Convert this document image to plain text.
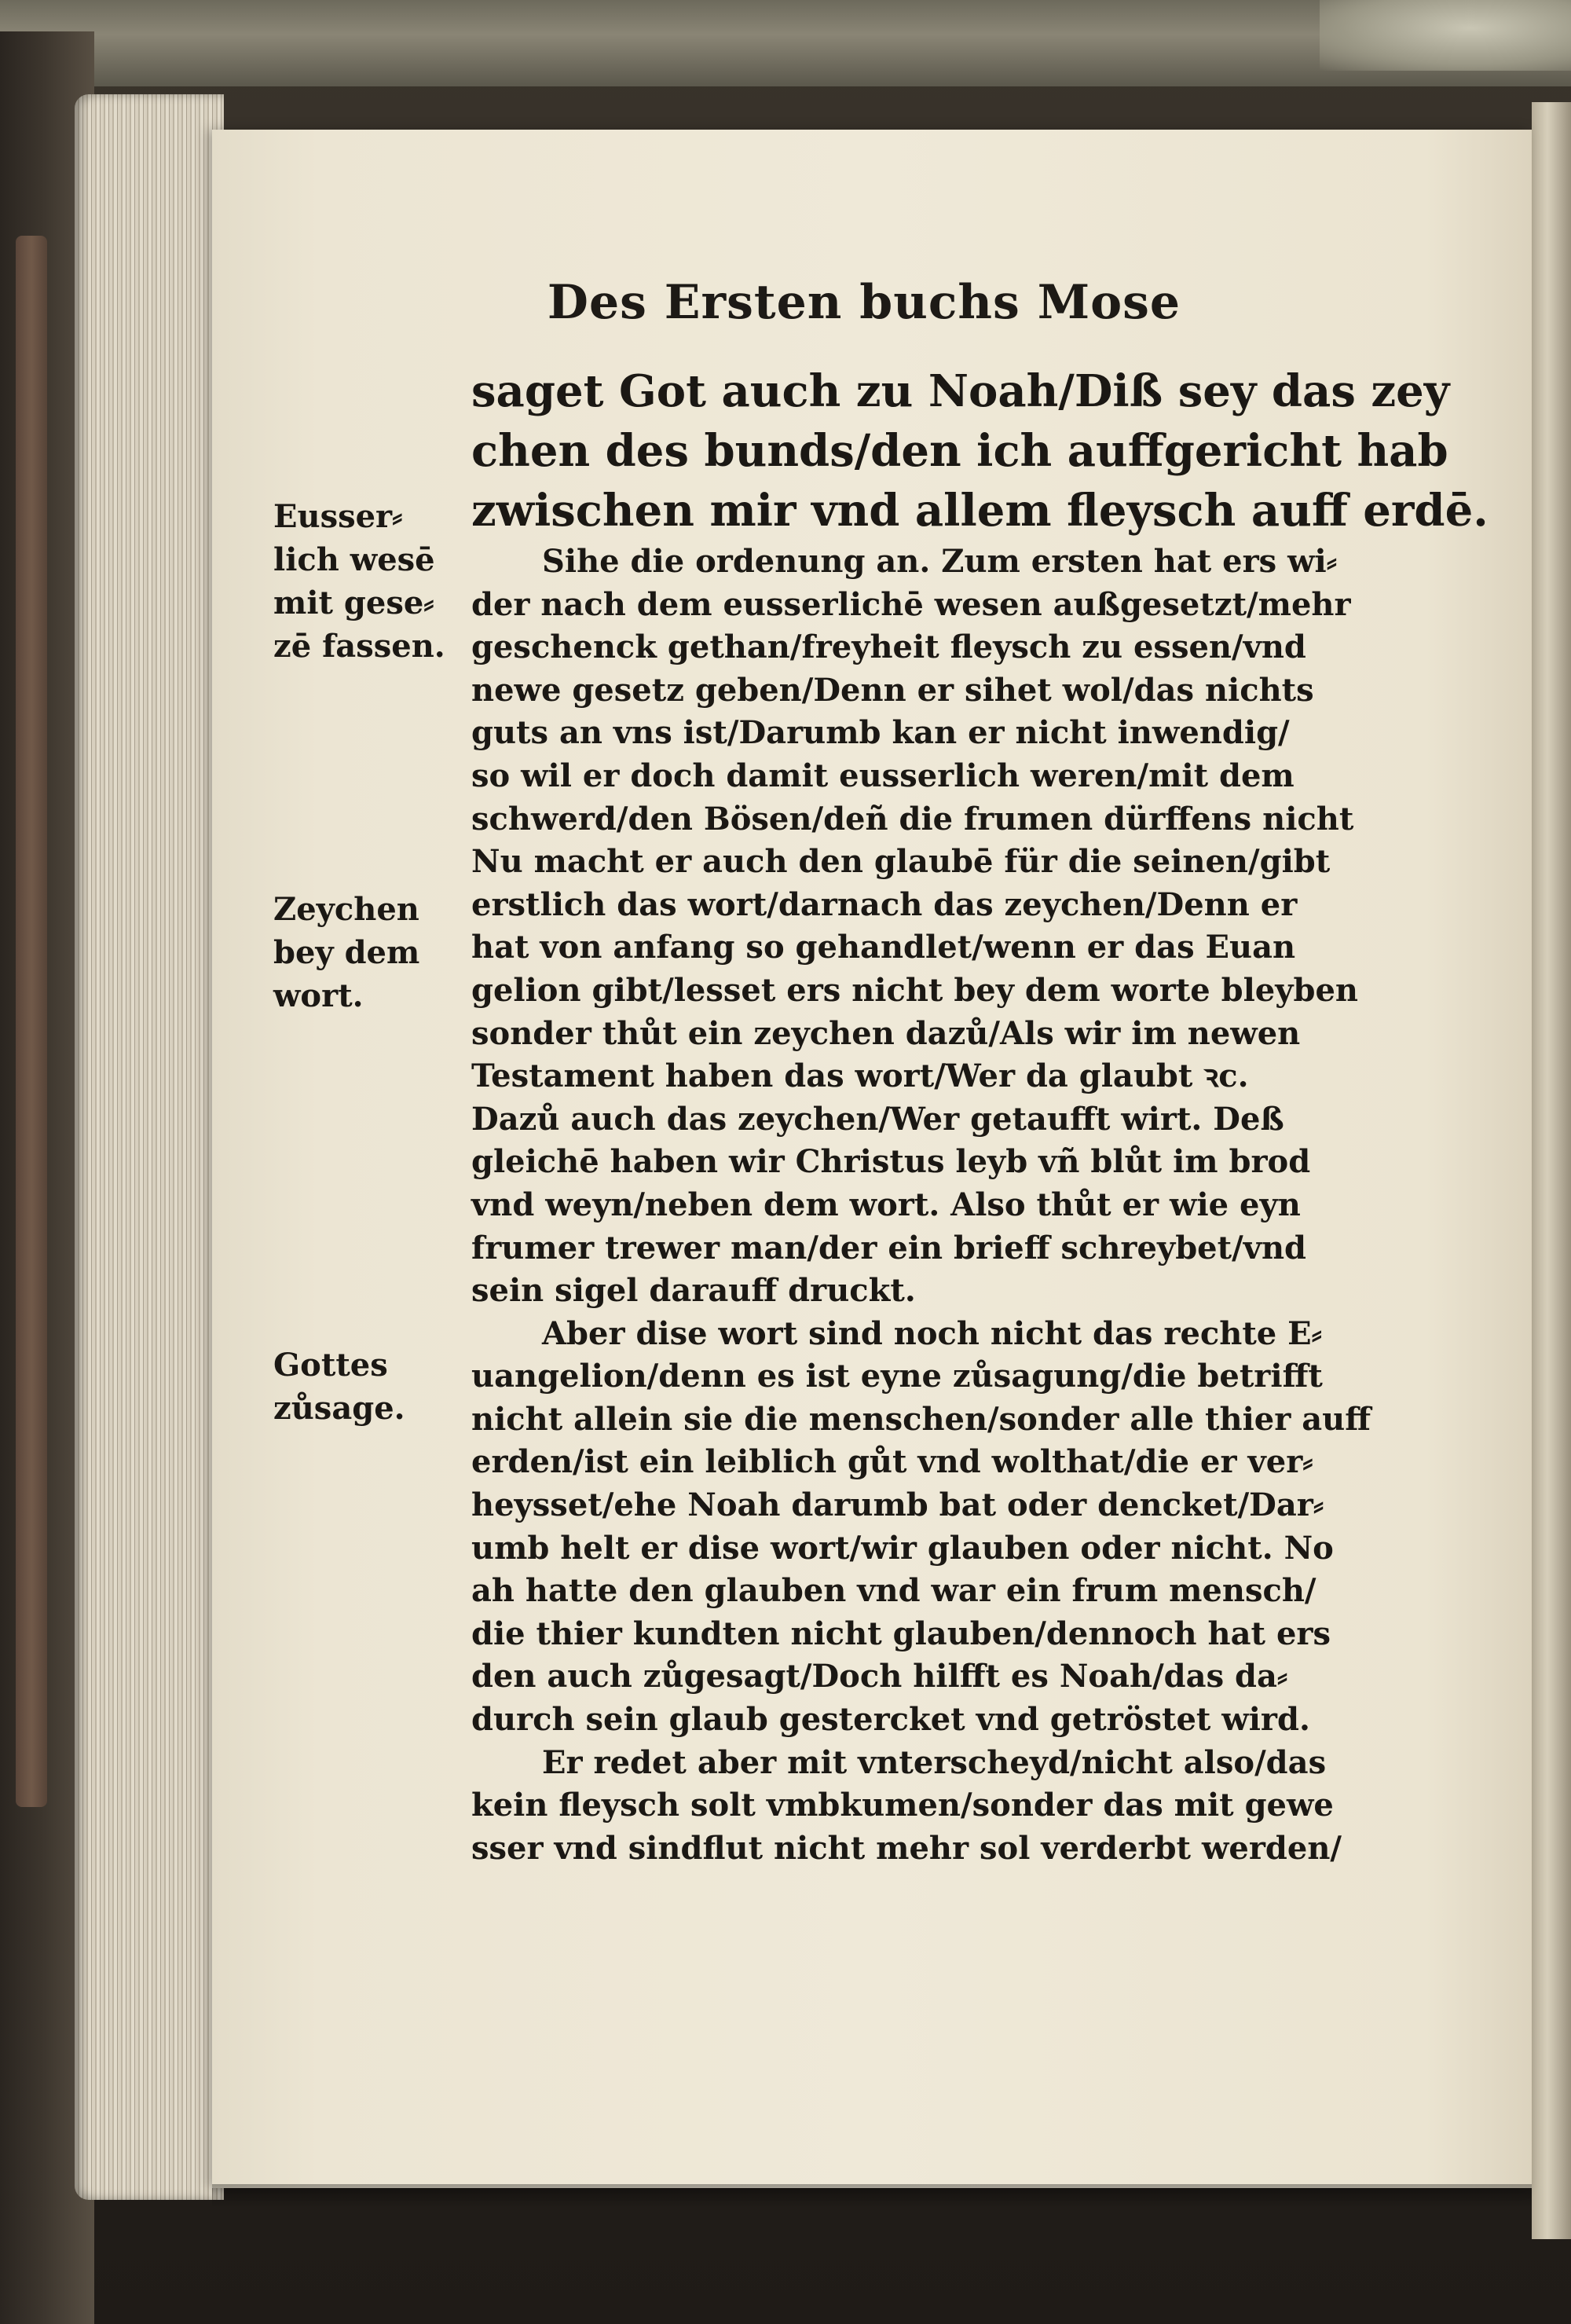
Des Ersten buchs Mose
saget Got auch zu Noah/Diß sey das zey
chen des bunds/den ich auffgericht hab
zwischen mir vnd allem fleysch auff erdē.
Sihe die ordenung an. Zum ersten hat ers wi⸗
der nach dem eusserlichē wesen außgesetzt/mehr
geschenck gethan/freyheit fleysch zu essen/vnd
newe gesetz geben/Denn er sihet wol/das nichts
guts an vns ist/Darumb kan er nicht inwendig/
so wil er doch damit eusserlich weren/mit dem
schwerd/den Bösen/deñ die frumen dürffens nicht
Nu macht er auch den glaubē für die seinen/gibt
erstlich das wort/darnach das zeychen/Denn er
hat von anfang so gehandlet/wenn er das Euan
gelion gibt/lesset ers nicht bey dem worte bleyben
sonder thůt ein zeychen dazů/Als wir im newen
Testament haben das wort/Wer da glaubt ꝛc.
Dazů auch das zeychen/Wer getaufft wirt. Deß
gleichē haben wir Christus leyb vñ blůt im brod
vnd weyn/neben dem wort. Also thůt er wie eyn
frumer trewer man/der ein brieff schreybet/vnd
sein sigel darauff druckt.
Aber dise wort sind noch nicht das rechte E⸗
uangelion/denn es ist eyne zůsagung/die betrifft
nicht allein sie die menschen/sonder alle thier auff
erden/ist ein leiblich gůt vnd wolthat/die er ver⸗
heysset/ehe Noah darumb bat oder dencket/Dar⸗
umb helt er dise wort/wir glauben oder nicht. No
ah hatte den glauben vnd war ein frum mensch/
die thier kundten nicht glauben/dennoch hat ers
den auch zůgesagt/Doch hilfft es Noah/das da⸗
durch sein glaub gestercket vnd getröstet wird.
Er redet aber mit vnterscheyd/nicht also/das
kein fleysch solt vmbkumen/sonder das mit gewe
sser vnd sindflut nicht mehr sol verderbt werden/
Eusser⸗
lich wesē
mit gese⸗
zē fassen.
Zeychen
bey dem
wort.
Gottes
zůsage.
